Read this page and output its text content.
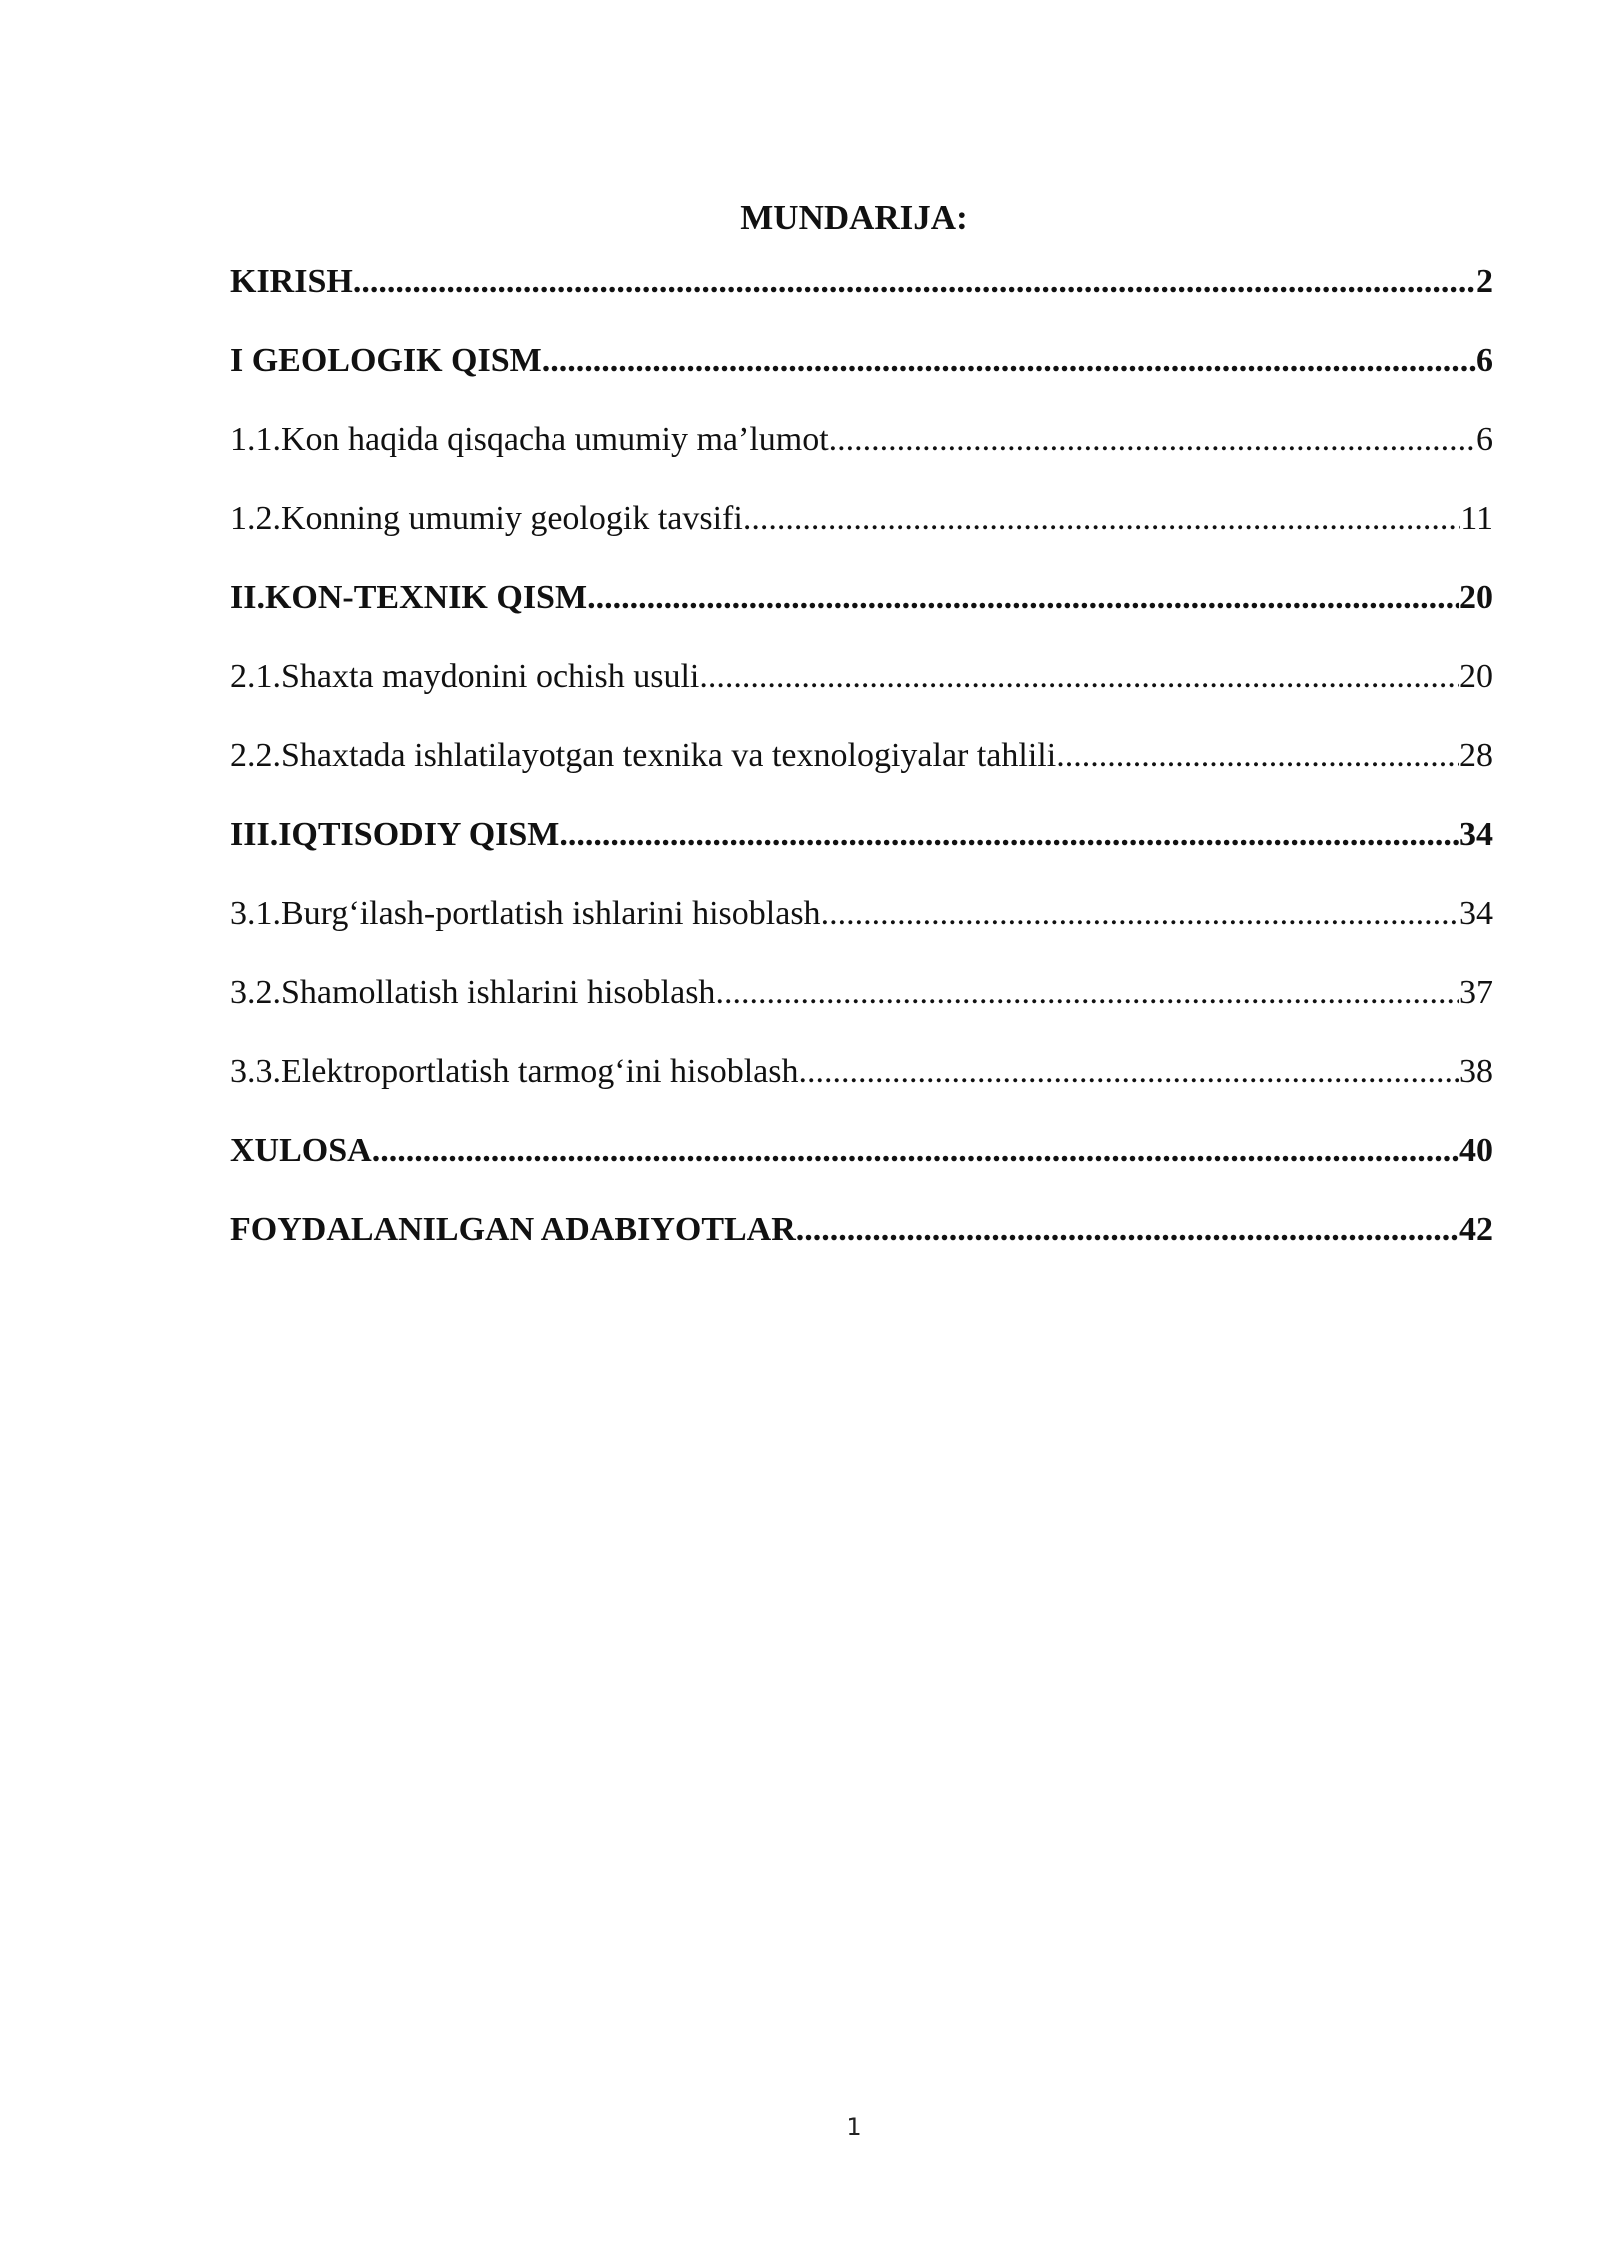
MUNDARIJA:
KIRISH .....	2
I GEOLOGIK QISM .....	6
1.1.Kon haqida qisqacha umumiy ma’lumot .....	6
1.2.Konning umumiy geologik tavsifi .....	11
II.KON-TEXNIK QISM .....	20
2.1.Shaxta maydonini ochish usuli .....	20
2.2.Shaxtada ishlatilayotgan texnika va texnologiyalar tahlili .....	28
III.IQTISODIY QISM .....	34
3.1.Burg‘ilash-portlatish ishlarini hisoblash .....	34
3.2.Shamollatish ishlarini hisoblash .....	37
3.3.Elektroportlatish tarmog‘ini hisoblash .....	38
XULOSA .....	40
FOYDALANILGAN ADABIYOTLAR .....	42
1
